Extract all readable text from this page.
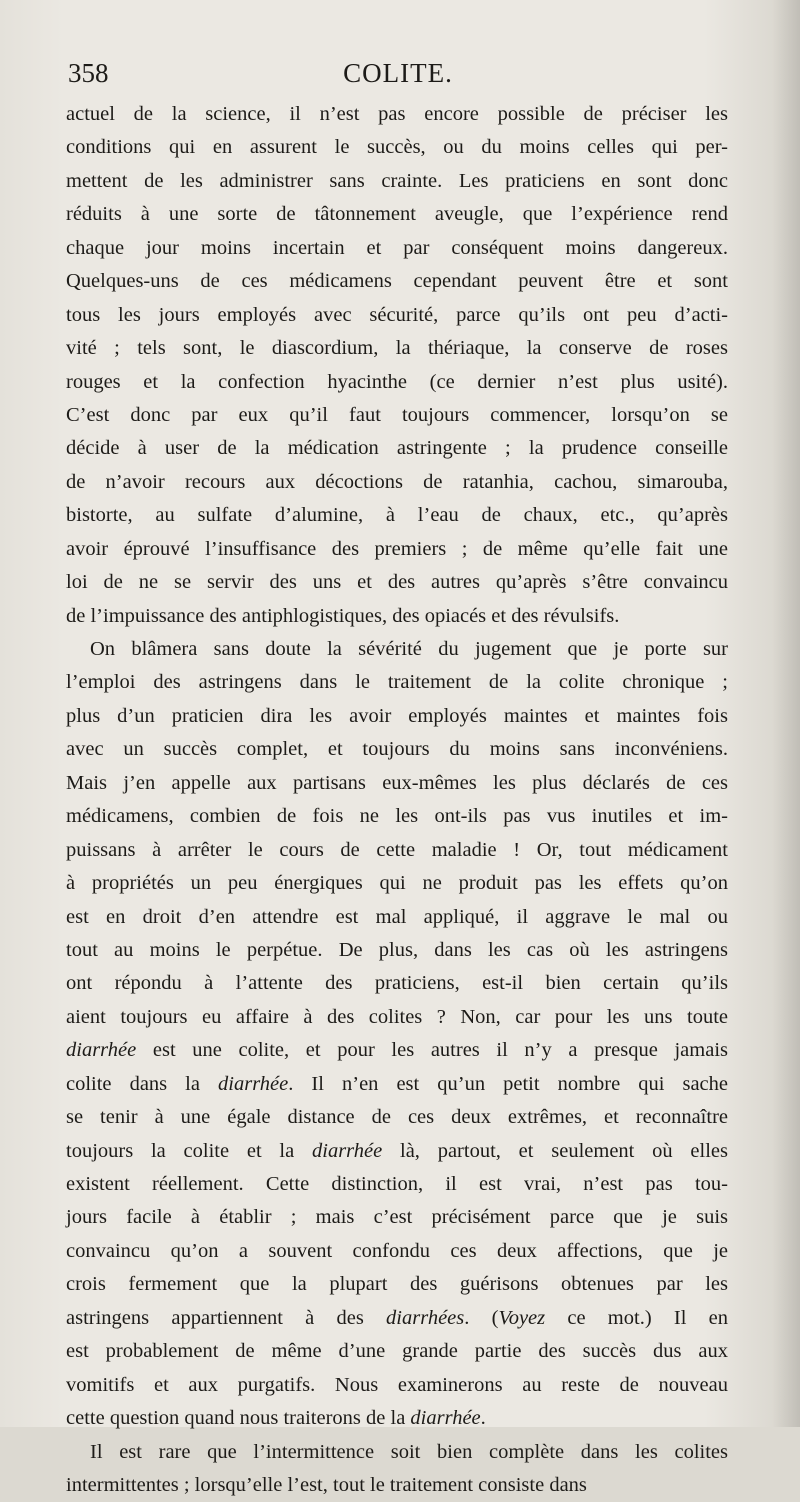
358	COLITE.
actuel de la science, il n’est pas encore possible de préciser les
conditions qui en assurent le succès, ou du moins celles qui per-
mettent de les administrer sans crainte. Les praticiens en sont donc
réduits à une sorte de tâtonnement aveugle, que l’expérience rend
chaque jour moins incertain et par conséquent moins dangereux.
Quelques-uns de ces médicamens cependant peuvent être et sont
tous les jours employés avec sécurité, parce qu’ils ont peu d’acti-
vité ; tels sont, le diascordium, la thériaque, la conserve de roses
rouges et la confection hyacinthe (ce dernier n’est plus usité).
C’est donc par eux qu’il faut toujours commencer, lorsqu’on se
décide à user de la médication astringente ; la prudence conseille
de n’avoir recours aux décoctions de ratanhia, cachou, simarouba,
bistorte, au sulfate d’alumine, à l’eau de chaux, etc., qu’après
avoir éprouvé l’insuffisance des premiers ; de même qu’elle fait une
loi de ne se servir des uns et des autres qu’après s’être convaincu
de l’impuissance des antiphlogistiques, des opiacés et des révulsifs.
On blâmera sans doute la sévérité du jugement que je porte sur
l’emploi des astringens dans le traitement de la colite chronique ;
plus d’un praticien dira les avoir employés maintes et maintes fois
avec un succès complet, et toujours du moins sans inconvéniens.
Mais j’en appelle aux partisans eux-mêmes les plus déclarés de ces
médicamens, combien de fois ne les ont-ils pas vus inutiles et im-
puissans à arrêter le cours de cette maladie ! Or, tout médicament
à propriétés un peu énergiques qui ne produit pas les effets qu’on
est en droit d’en attendre est mal appliqué, il aggrave le mal ou
tout au moins le perpétue. De plus, dans les cas où les astringens
ont répondu à l’attente des praticiens, est-il bien certain qu’ils
aient toujours eu affaire à des colites ? Non, car pour les uns toute
diarrhée est une colite, et pour les autres il n’y a presque jamais
colite dans la diarrhée. Il n’en est qu’un petit nombre qui sache
se tenir à une égale distance de ces deux extrêmes, et reconnaître
toujours la colite et la diarrhée là, partout, et seulement où elles
existent réellement. Cette distinction, il est vrai, n’est pas tou-
jours facile à établir ; mais c’est précisément parce que je suis
convaincu qu’on a souvent confondu ces deux affections, que je
crois fermement que la plupart des guérisons obtenues par les
astringens appartiennent à des diarrhées. (Voyez ce mot.) Il en
est probablement de même d’une grande partie des succès dus aux
vomitifs et aux purgatifs. Nous examinerons au reste de nouveau
cette question quand nous traiterons de la diarrhée.
Il est rare que l’intermittence soit bien complète dans les colites
intermittentes ; lorsqu’elle l’est, tout le traitement consiste dans
